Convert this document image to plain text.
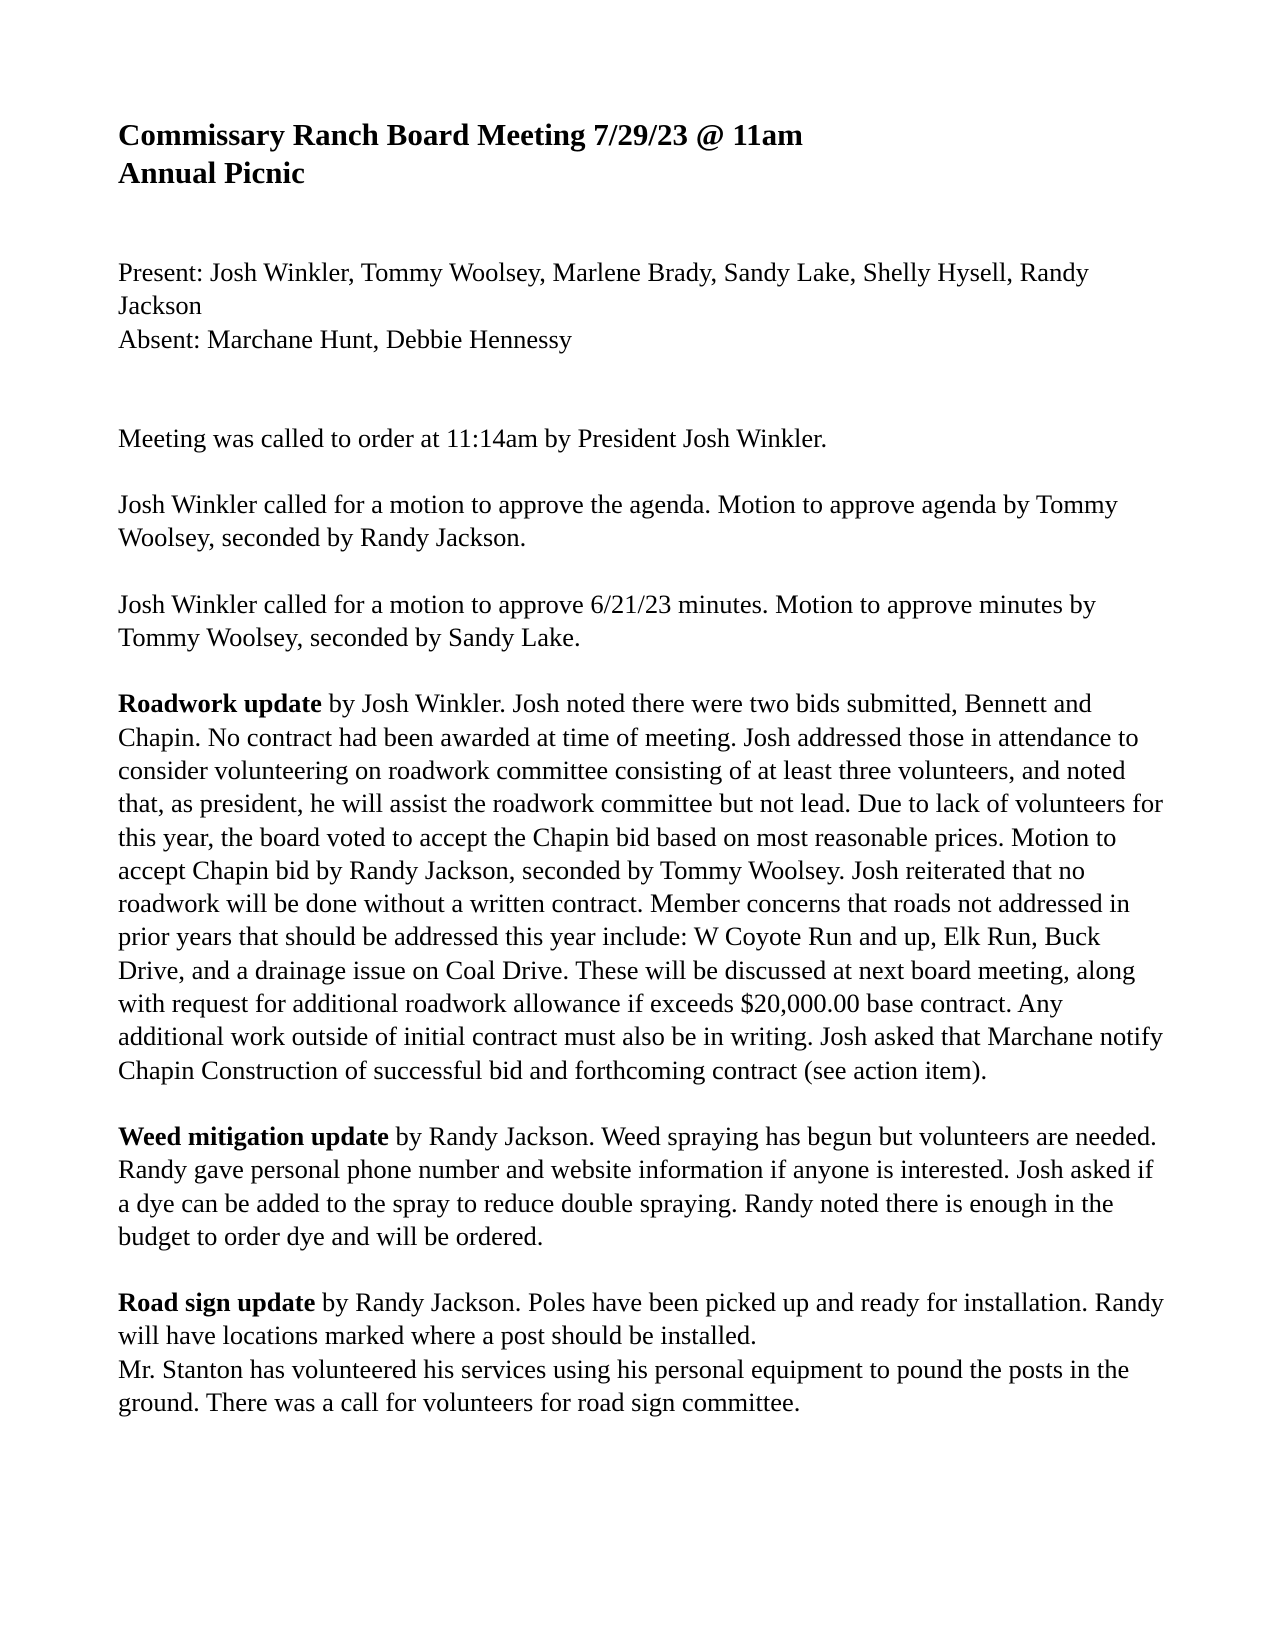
Commissary Ranch Board Meeting 7/29/23 @ 11am
Annual Picnic

Present: Josh Winkler, Tommy Woolsey, Marlene Brady, Sandy Lake, Shelly Hysell, Randy Jackson

Absent: Marchane Hunt, Debbie Hennessy

Meeting was called to order at 11:14am by President Josh Winkler.

Josh Winkler called for a motion to approve the agenda. Motion to approve agenda by Tommy Woolsey, seconded by Randy Jackson.

Josh Winkler called for a motion to approve 6/21/23 minutes. Motion to approve minutes by Tommy Woolsey, seconded by Sandy Lake.

Roadwork update by Josh Winkler. Josh noted there were two bids submitted, Bennett and Chapin. No contract had been awarded at time of meeting. Josh addressed those in attendance to consider volunteering on roadwork committee consisting of at least three volunteers, and noted that, as president, he will assist the roadwork committee but not lead. Due to lack of volunteers for this year, the board voted to accept the Chapin bid based on most reasonable prices. Motion to accept Chapin bid by Randy Jackson, seconded by Tommy Woolsey. Josh reiterated that no roadwork will be done without a written contract. Member concerns that roads not addressed in prior years that should be addressed this year include: W Coyote Run and up, Elk Run, Buck Drive, and a drainage issue on Coal Drive. These will be discussed at next board meeting, along with request for additional roadwork allowance if exceeds $20,000.00 base contract. Any additional work outside of initial contract must also be in writing. Josh asked that Marchane notify Chapin Construction of successful bid and forthcoming contract (see action item).

Weed mitigation update by Randy Jackson. Weed spraying has begun but volunteers are needed. Randy gave personal phone number and website information if anyone is interested. Josh asked if a dye can be added to the spray to reduce double spraying. Randy noted there is enough in the budget to order dye and will be ordered.

Road sign update by Randy Jackson. Poles have been picked up and ready for installation. Randy will have locations marked where a post should be installed.
Mr. Stanton has volunteered his services using his personal equipment to pound the posts in the ground. There was a call for volunteers for road sign committee.
